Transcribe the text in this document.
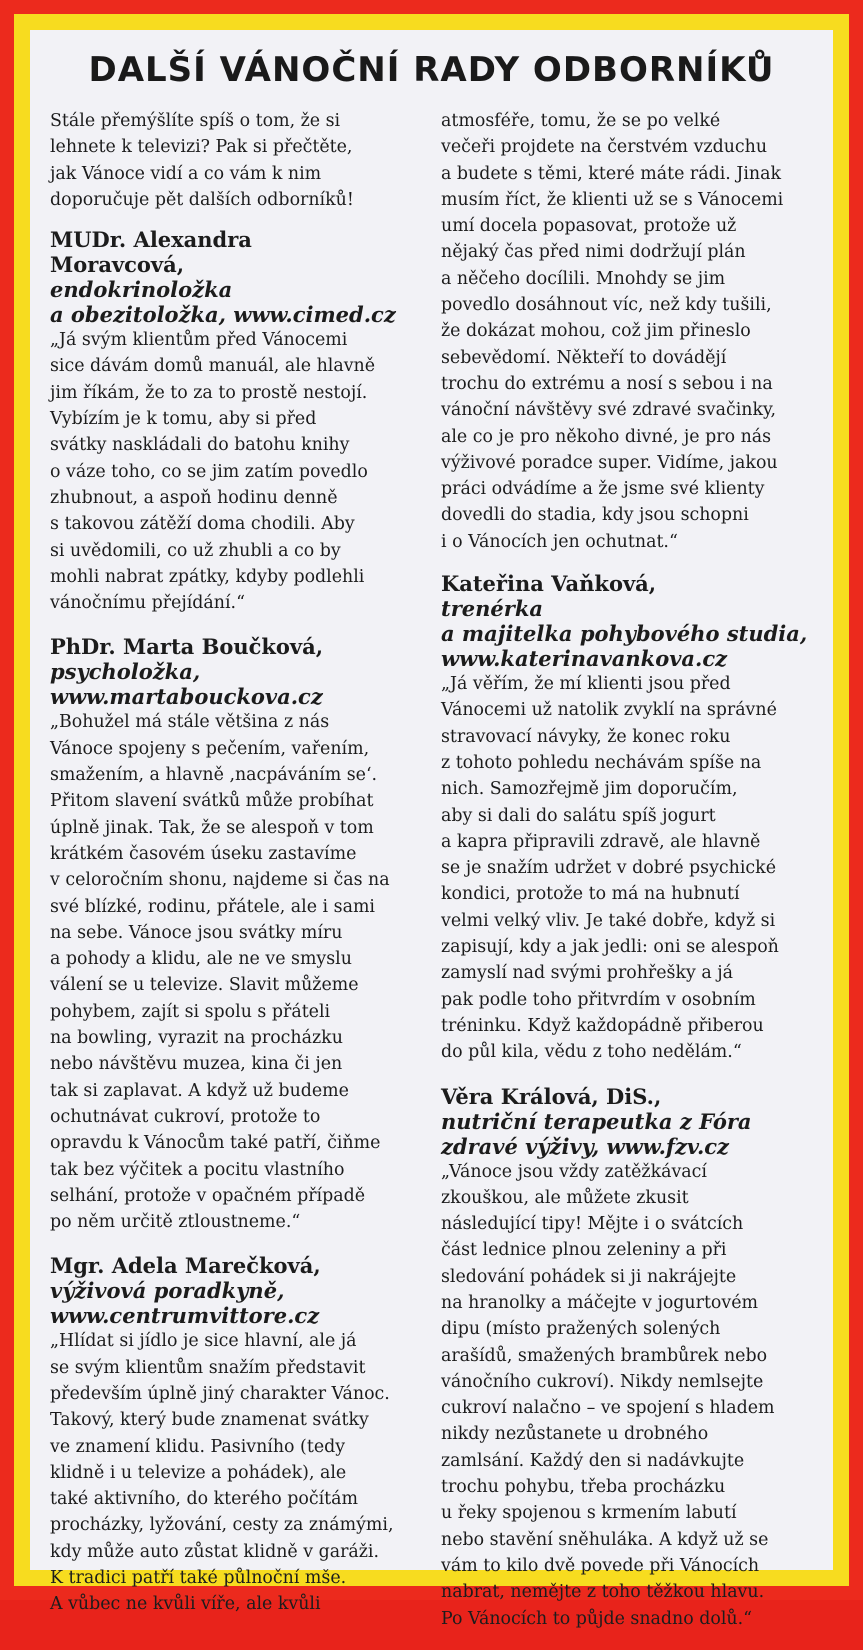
DALŠÍ VÁNOČNÍ RADY ODBORNÍKŮ

Stále přemýšlíte spíš o tom, že si
lehnete k televizi? Pak si přečtěte,
jak Vánoce vidí a co vám k nim
doporučuje pět dalších odborníků!

MUDr. Alexandra
Moravcová,
endokrinoložka
a obezitoložka, www.cimed.cz

„Já svým klientům před Vánocemi
sice dávám domů manuál, ale hlavně
jim říkám, že to za to prostě nestojí.
Vybízím je k tomu, aby si před
svátky naskládali do batohu knihy
o váze toho, co se jim zatím povedlo
zhubnout, a aspoň hodinu denně
s takovou zátěží doma chodili. Aby
si uvědomili, co už zhubli a co by
mohli nabrat zpátky, kdyby podlehli
vánočnímu přejídání.“

PhDr. Marta Boučková,
psycholožka,
www.martabouckova.cz

„Bohužel má stále většina z nás
Vánoce spojeny s pečením, vařením,
smažením, a hlavně ‚nacpáváním se‘.
Přitom slavení svátků může probíhat
úplně jinak. Tak, že se alespoň v tom
krátkém časovém úseku zastavíme
v celoročním shonu, najdeme si čas na
své blízké, rodinu, přátele, ale i sami
na sebe. Vánoce jsou svátky míru
a pohody a klidu, ale ne ve smyslu
válení se u televize. Slavit můžeme
pohybem, zajít si spolu s přáteli
na bowling, vyrazit na procházku
nebo návštěvu muzea, kina či jen
tak si zaplavat. A když už budeme
ochutnávat cukroví, protože to
opravdu k Vánocům také patří, čiňme
tak bez výčitek a pocitu vlastního
selhání, protože v opačném případě
po něm určitě ztloustneme.“

Mgr. Adela Marečková,
výživová poradkyně,
www.centrumvittore.cz

„Hlídat si jídlo je sice hlavní, ale já
se svým klientům snažím představit
především úplně jiný charakter Vánoc.
Takový, který bude znamenat svátky
ve znamení klidu. Pasivního (tedy
klidně i u televize a pohádek), ale
také aktivního, do kterého počítám
procházky, lyžování, cesty za známými,
kdy může auto zůstat klidně v garáži.
K tradici patří také půlnoční mše.
A vůbec ne kvůli víře, ale kvůli

atmosféře, tomu, že se po velké
večeři projdete na čerstvém vzduchu
a budete s těmi, které máte rádi. Jinak
musím říct, že klienti už se s Vánocemi
umí docela popasovat, protože už
nějaký čas před nimi dodržují plán
a něčeho docílili. Mnohdy se jim
povedlo dosáhnout víc, než kdy tušili,
že dokázat mohou, což jim přineslo
sebevědomí. Někteří to dovádějí
trochu do extrému a nosí s sebou i na
vánoční návštěvy své zdravé svačinky,
ale co je pro někoho divné, je pro nás
výživové poradce super. Vidíme, jakou
práci odvádíme a že jsme své klienty
dovedli do stadia, kdy jsou schopni
i o Vánocích jen ochutnat.“

Kateřina Vaňková,
trenérka
a majitelka pohybového studia,
www.katerinavankova.cz

„Já věřím, že mí klienti jsou před
Vánocemi už natolik zvyklí na správné
stravovací návyky, že konec roku
z tohoto pohledu nechávám spíše na
nich. Samozřejmě jim doporučím,
aby si dali do salátu spíš jogurt
a kapra připravili zdravě, ale hlavně
se je snažím udržet v dobré psychické
kondici, protože to má na hubnutí
velmi velký vliv. Je také dobře, když si
zapisují, kdy a jak jedli: oni se alespoň
zamyslí nad svými prohřešky a já
pak podle toho přitvrdím v osobním
tréninku. Když každopádně přiberou
do půl kila, vědu z toho nedělám.“

Věra Králová, DiS.,
nutriční terapeutka z Fóra
zdravé výživy, www.fzv.cz

„Vánoce jsou vždy zatěžkávací
zkouškou, ale můžete zkusit
následující tipy! Mějte i o svátcích
část lednice plnou zeleniny a při
sledování pohádek si ji nakrájejte
na hranolky a máčejte v jogurtovém
dipu (místo pražených solených
arašídů, smažených brambůrek nebo
vánočního cukroví). Nikdy nemlsejte
cukroví nalačno – ve spojení s hladem
nikdy nezůstanete u drobného
zamlsání. Každý den si nadávkujte
trochu pohybu, třeba procházku
u řeky spojenou s krmením labutí
nebo stavění sněhuláka. A když už se
vám to kilo dvě povede při Vánocích
nabrat, nemějte z toho těžkou hlavu.
Po Vánocích to půjde snadno dolů.“
